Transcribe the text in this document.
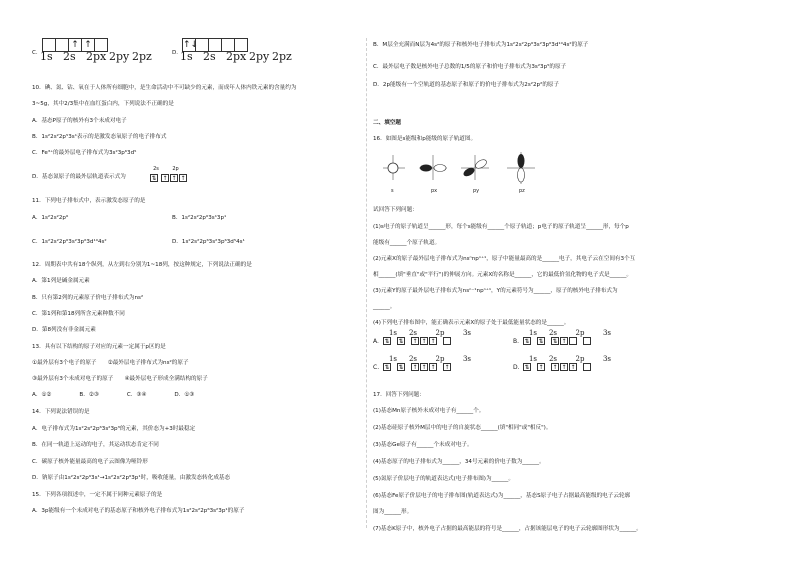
C.
↑ ↑
1s 2s 2px 2py 2pz	D.
↑↓
1s 2s 2px 2py 2pz
10．碘、氮、钴、氧在于人体所有细胞中，是生命活动中不可缺少的元素，而成年人体内铁元素的含量约为
3~5g，其中2/3集中在血红蛋白内，下列说法不正确的是
A．基态P原子的核外有3个未成对电子
B．1s²2s²2p⁵3s¹表示的是激发态氧原子的电子排布式
C．Fe³⁺的最外层电子排布式为3s²3p⁶3d⁵
D．基态氮原子的最外层轨道表示式为
2s	2p
⇅ ↑ ↑ ↑
11．下列电子排布式中，表示激发态原子的是
A．1s²2s²2p⁶	B．1s²2s²2p⁶3s¹3p¹
C．1s²2s²2p⁶3s²3p⁶3d¹⁰4s²	D．1s²2s²2p⁶3s²3p⁶3d⁵4s¹
12．周期表中共有18个纵列，从左到右分别为1~18列，按这种规定，下列说法正确的是
A．第1列是碱金属元素
B．只有第2列的元素原子价电子排布式为ns²
C．第1列和第18列所含元素种数不同
D．第8列没有非金属元素
13．具有以下结构的原子对应的元素一定属于p区的是
①最外层有3个电子的原子　　②最外层电子排布式为ns²的原子
③最外层有3个未成对电子的原子　　④最外层电子形成全满结构的原子
A．①②　　　　　B．②③　　　　　C．③④　　　　　D．①③
14．下列说法错误的是
A．电子排布式为1s²2s²2p⁶3s²3p³的元素，其价态为+3时最稳定
B．在同一轨道上运动的电子，其运动状态肯定不同
C．碳原子核外能量最高的电子云图像为哑铃形
D．钠原子由1s²2s²2p⁶3s¹→1s²2s²2p⁶3p¹时，吸收能量，由激发态转化成基态
15．下列各项叙述中，一定不属于同种元素原子的是
A．3p能级有一个未成对电子的基态原子和核外电子排布式为1s²2s²2p⁶3s²3p¹的原子
B．M层全充满而N层为4s²的原子和核外电子排布式为1s²2s²2p⁶3s²3p⁶3d¹⁰4s²的原子
C．最外层电子数是核外电子总数的1/5的原子和价电子排布式为3s²3p⁵的原子
D．2p能级有一个空轨道的基态原子和原子的价电子排布式为2s²2p²的原子
二、填空题
16．如图是s能级和p能级的原子轨道图。
s	px	py	pz
试回答下列问题：
(1)s电子的原子轨道呈______形，每个s能级有______个原子轨道；p电子的原子轨道呈______形，每个p
能级有______个原子轨道。
(2)元素X的原子最外层电子排布式为nsⁿnpⁿ⁺¹，原子中能量最高的是______电子，其电子云在空间有3个互
相______(填"垂直"或"平行")的伸展方向。元素X的名称是______，它的最低价氢化物的电子式是______。
(3)元素Y的原子最外层电子排布式为nsⁿ⁻¹npⁿ⁺¹，Y的元素符号为______，原子的核外电子排布式为
______。
(4)下列电子排布图中，能正确表示元素X的原子处于最低能量状态的是______。
A.
1s	2s	2p	3s
⇅ ⇅ ↑ ↑ ↑	B.
1s	2s	2p	3s
⇅ ⇅ ⇅ ↑
C.
1s	2s	2p	3s
⇅ ⇅ ↑ ↑ ↑ ↑	D.
1s	2s	2p	3s
⇅ ↑ ↑ ↑ ↑
17．回答下列问题：
(1)基态Mn原子核外未成对电子有______个。
(2)基态硅原子核外M层中的电子的自旋状态______(填"相同"或"相反")。
(3)基态Ge原子有______个未成对电子。
(4)基态原子的电子排布式为______，34号元素的价电子数为______。
(5)氮原子价层电子的轨道表达式(电子排布图)为______。
(6)基态Fe原子价层电子的电子排布图(轨道表达式)为______，基态S原子电子占据最高能级的电子云轮廓
图为______形。
(7)基态K原子中，核外电子占据的最高能层的符号是______，占据该能层电子的电子云轮廓图形状为______。
